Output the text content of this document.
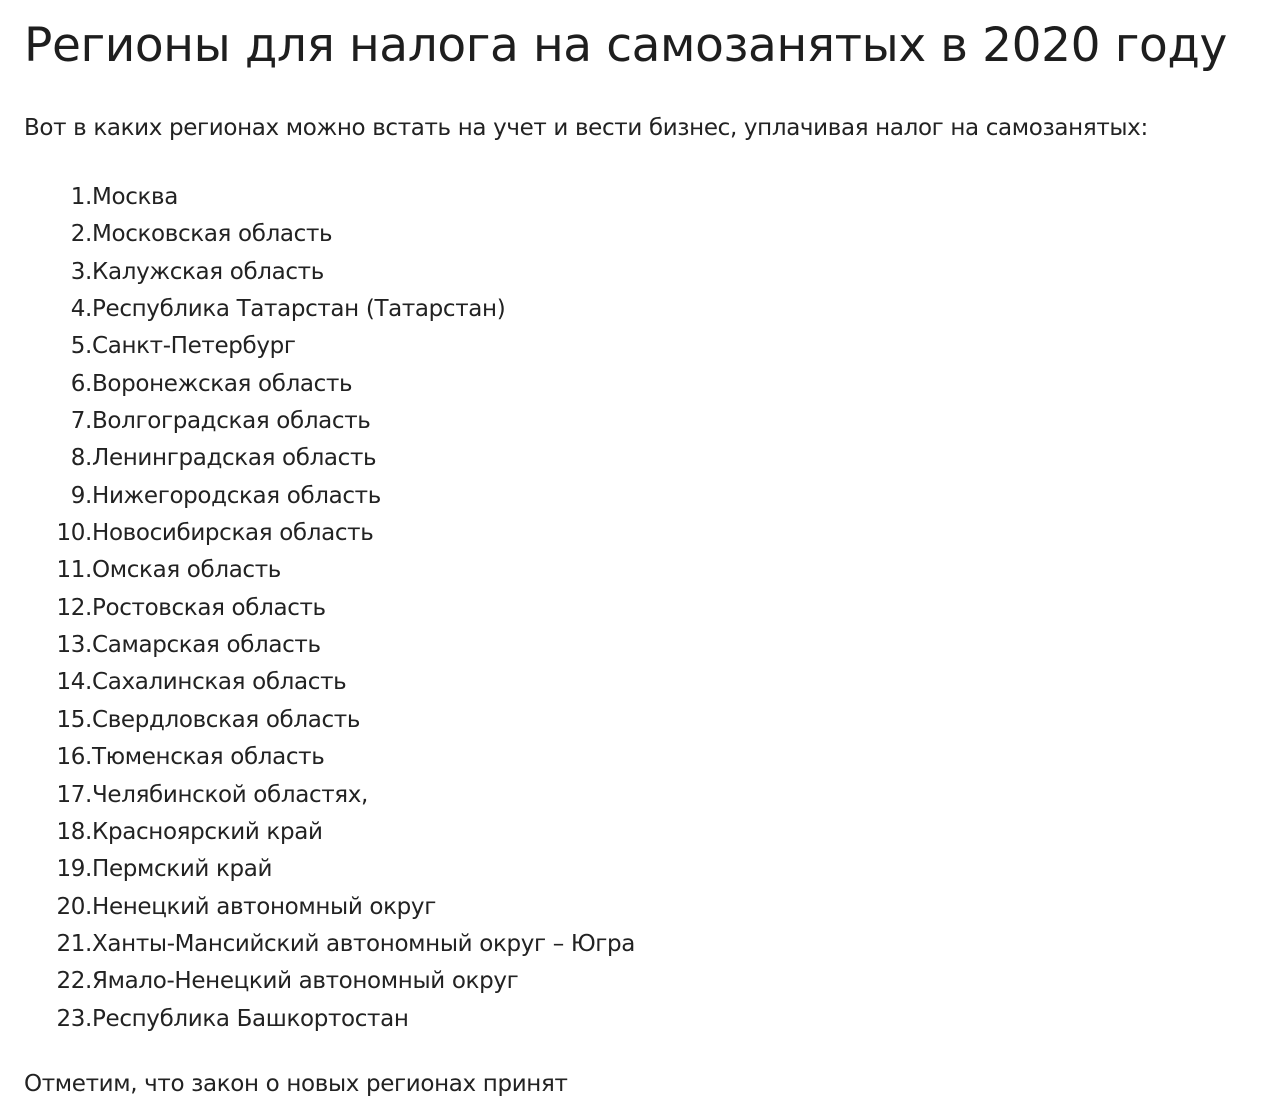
Регионы для налога на самозанятых в 2020 году

Вот в каких регионах можно встать на учет и вести бизнес, уплачивая налог на самозанятых:

1. Москва
2. Московская область
3. Калужская область
4. Республика Татарстан (Татарстан)
5. Санкт-Петербург
6. Воронежская область
7. Волгоградская область
8. Ленинградская область
9. Нижегородская область
10. Новосибирская область
11. Омская область
12. Ростовская область
13. Самарская область
14. Сахалинская область
15. Свердловская область
16. Тюменская область
17. Челябинской областях,
18. Красноярский край
19. Пермский край
20. Ненецкий автономный округ
21. Ханты-Мансийский автономный округ – Югра
22. Ямало-Ненецкий автономный округ
23. Республика Башкортостан

Отметим, что закон о новых регионах принят
